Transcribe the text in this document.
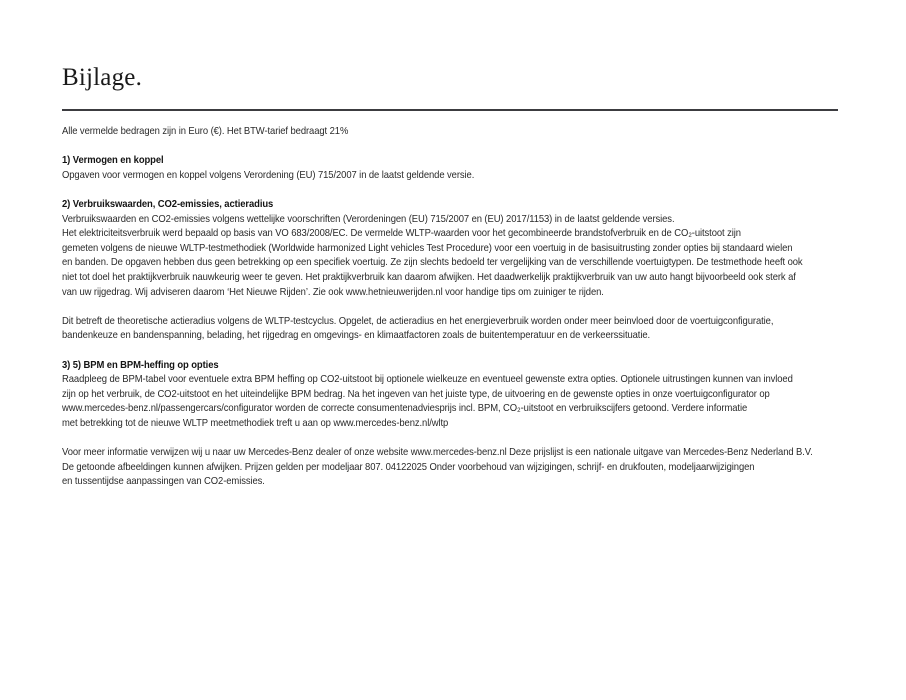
Bijlage.
Alle vermelde bedragen zijn in Euro (€). Het BTW-tarief bedraagt 21%
1) Vermogen en koppel
Opgaven voor vermogen en koppel volgens Verordening (EU) 715/2007 in de laatst geldende versie.
2) Verbruikswaarden, CO2-emissies, actieradius
Verbruikswaarden en CO2-emissies volgens wettelijke voorschriften (Verordeningen (EU) 715/2007 en (EU) 2017/1153) in de laatst geldende versies.
Het elektriciteitsverbruik werd bepaald op basis van VO 683/2008/EC. De vermelde WLTP-waarden voor het gecombineerde brandstofverbruik en de CO₂-uitstoot zijn
gemeten volgens de nieuwe WLTP-testmethodiek (Worldwide harmonized Light vehicles Test Procedure) voor een voertuig in de basisuitrusting zonder opties bij standaard wielen
en banden. De opgaven hebben dus geen betrekking op een specifiek voertuig. Ze zijn slechts bedoeld ter vergelijking van de verschillende voertuigtypen. De testmethode heeft ook
niet tot doel het praktijkverbruik nauwkeurig weer te geven. Het praktijkverbruik kan daarom afwijken. Het daadwerkelijk praktijkverbruik van uw auto hangt bijvoorbeeld ook sterk af
van uw rijgedrag. Wij adviseren daarom ‘Het Nieuwe Rijden’. Zie ook www.hetnieuwerijden.nl voor handige tips om zuiniger te rijden.
Dit betreft de theoretische actieradius volgens de WLTP-testcyclus. Opgelet, de actieradius en het energieverbruik worden onder meer beinvloed door de voertuigconfiguratie,
bandenkeuze en bandenspanning, belading, het rijgedrag en omgevings- en klimaatfactoren zoals de buitentemperatuur en de verkeerssituatie.
3) 5) BPM en BPM-heffing op opties
Raadpleeg de BPM-tabel voor eventuele extra BPM heffing op CO2-uitstoot bij optionele wielkeuze en eventueel gewenste extra opties. Optionele uitrustingen kunnen van invloed
zijn op het verbruik, de CO2-uitstoot en het uiteindelijke BPM bedrag. Na het ingeven van het juiste type, de uitvoering en de gewenste opties in onze voertuigconfigurator op
www.mercedes-benz.nl/passengercars/configurator worden de correcte consumentenadviesprijs incl. BPM, CO₂-uitstoot en verbruikscijfers getoond. Verdere informatie
met betrekking tot de nieuwe WLTP meetmethodiek treft u aan op www.mercedes-benz.nl/wltp
Voor meer informatie verwijzen wij u naar uw Mercedes-Benz dealer of onze website www.mercedes-benz.nl Deze prijslijst is een nationale uitgave van Mercedes-Benz Nederland B.V.
De getoonde afbeeldingen kunnen afwijken. Prijzen gelden per modeljaar 807. 04122025 Onder voorbehoud van wijzigingen, schrijf- en drukfouten, modeljaarwijzigingen
en tussentijdse aanpassingen van CO2-emissies.
